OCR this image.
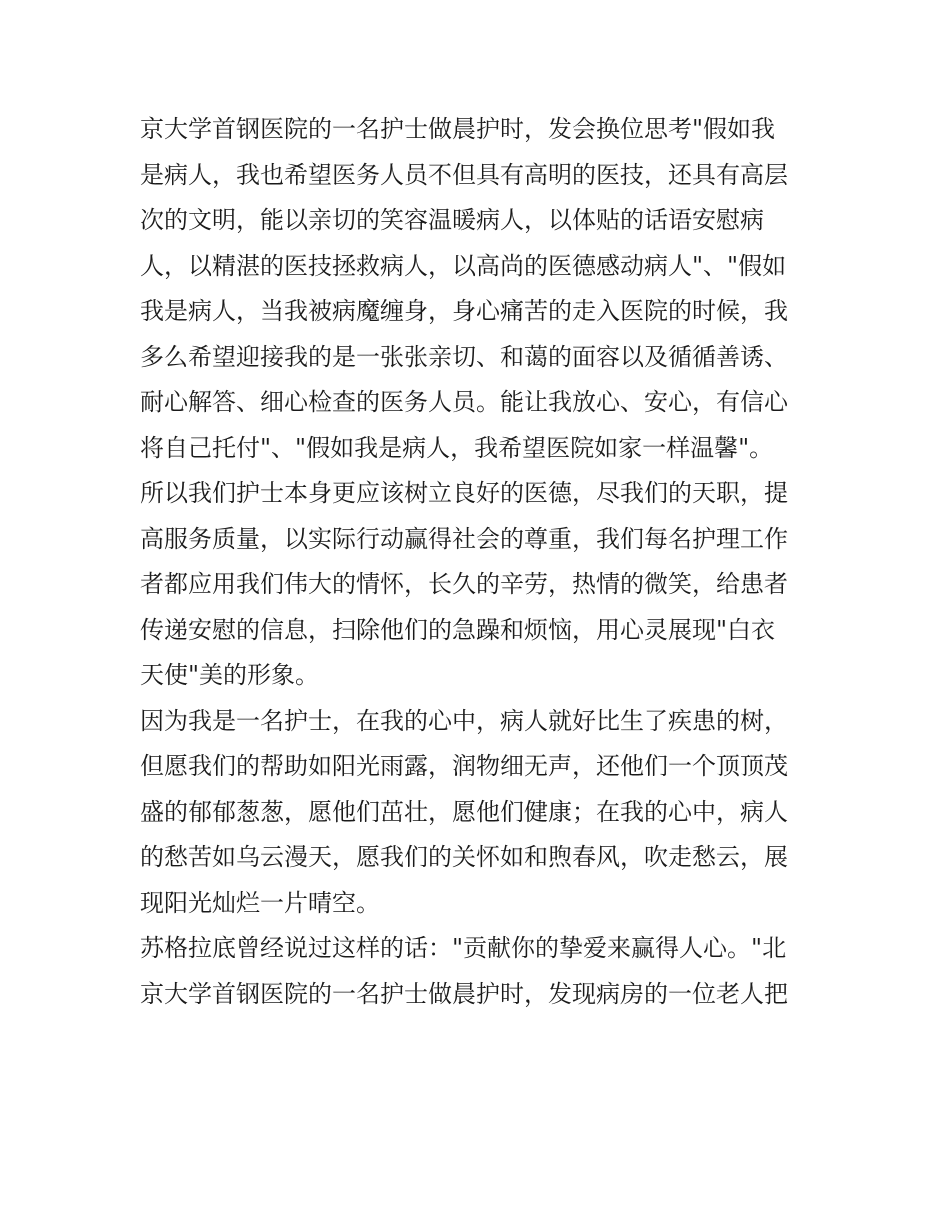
京大学首钢医院的一名护士做晨护时，发会换位思考"假如我
是病人，我也希望医务人员不但具有高明的医技，还具有高层
次的文明，能以亲切的笑容温暖病人，以体贴的话语安慰病
人，以精湛的医技拯救病人，以高尚的医德感动病人"、"假如
我是病人，当我被病魔缠身，身心痛苦的走入医院的时候，我
多么希望迎接我的是一张张亲切、和蔼的面容以及循循善诱、
耐心解答、细心检查的医务人员。能让我放心、安心，有信心
将自己托付"、"假如我是病人，我希望医院如家一样温馨"。
所以我们护士本身更应该树立良好的医德，尽我们的天职，提
高服务质量，以实际行动赢得社会的尊重，我们每名护理工作
者都应用我们伟大的情怀，长久的辛劳，热情的微笑，给患者
传递安慰的信息，扫除他们的急躁和烦恼，用心灵展现"白衣
天使"美的形象。
因为我是一名护士，在我的心中，病人就好比生了疾患的树，
但愿我们的帮助如阳光雨露，润物细无声，还他们一个顶顶茂
盛的郁郁葱葱，愿他们茁壮，愿他们健康；在我的心中，病人
的愁苦如乌云漫天，愿我们的关怀如和煦春风，吹走愁云，展
现阳光灿烂一片晴空。
苏格拉底曾经说过这样的话："贡献你的挚爱来赢得人心。"北
京大学首钢医院的一名护士做晨护时，发现病房的一位老人把
